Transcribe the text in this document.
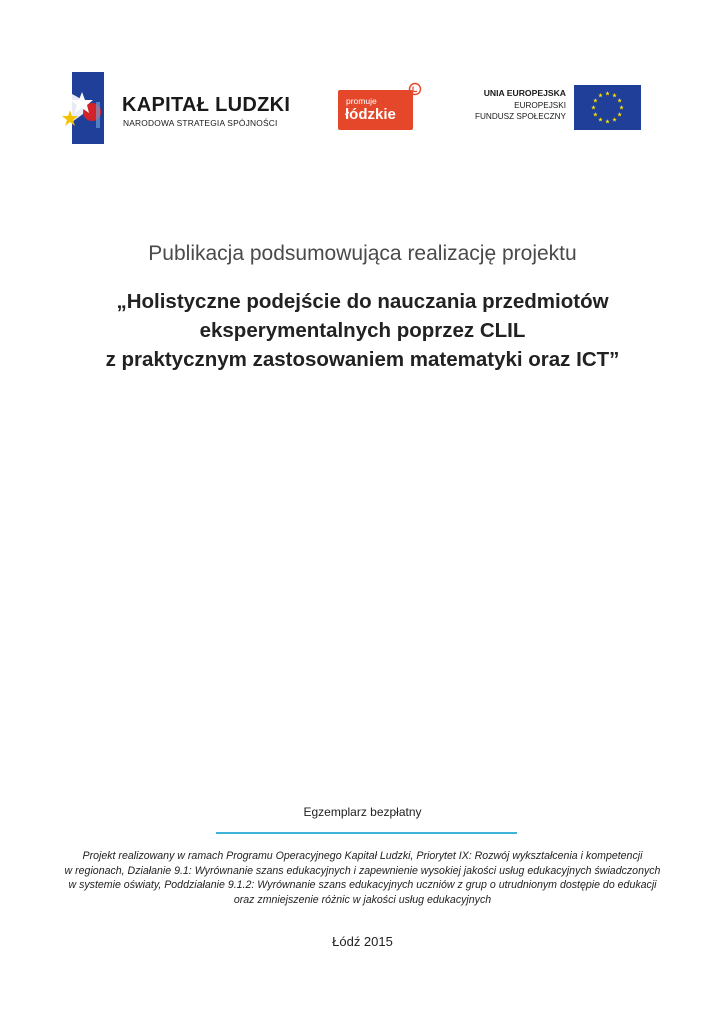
KAPITAŁ LUDZKI
NARODOWA STRATEGIA SPÓJNOŚCI
promuje
łódzkie
UNIA EUROPEJSKA
EUROPEJSKI
FUNDUSZ SPOŁECZNY
Publikacja podsumowująca realizację projektu
„Holistyczne podejście do nauczania przedmiotów
eksperymentalnych poprzez CLIL
z praktycznym zastosowaniem matematyki oraz ICT”
Egzemplarz bezpłatny
Projekt realizowany w ramach Programu Operacyjnego Kapitał Ludzki, Priorytet IX: Rozwój wykształcenia i kompetencji
w regionach, Działanie 9.1: Wyrównanie szans edukacyjnych i zapewnienie wysokiej jakości usług edukacyjnych świadczonych
w systemie oświaty, Poddziałanie 9.1.2: Wyrównanie szans edukacyjnych uczniów z grup o utrudnionym dostępie do edukacji
oraz zmniejszenie różnic w jakości usług edukacyjnych
Łódź 2015
